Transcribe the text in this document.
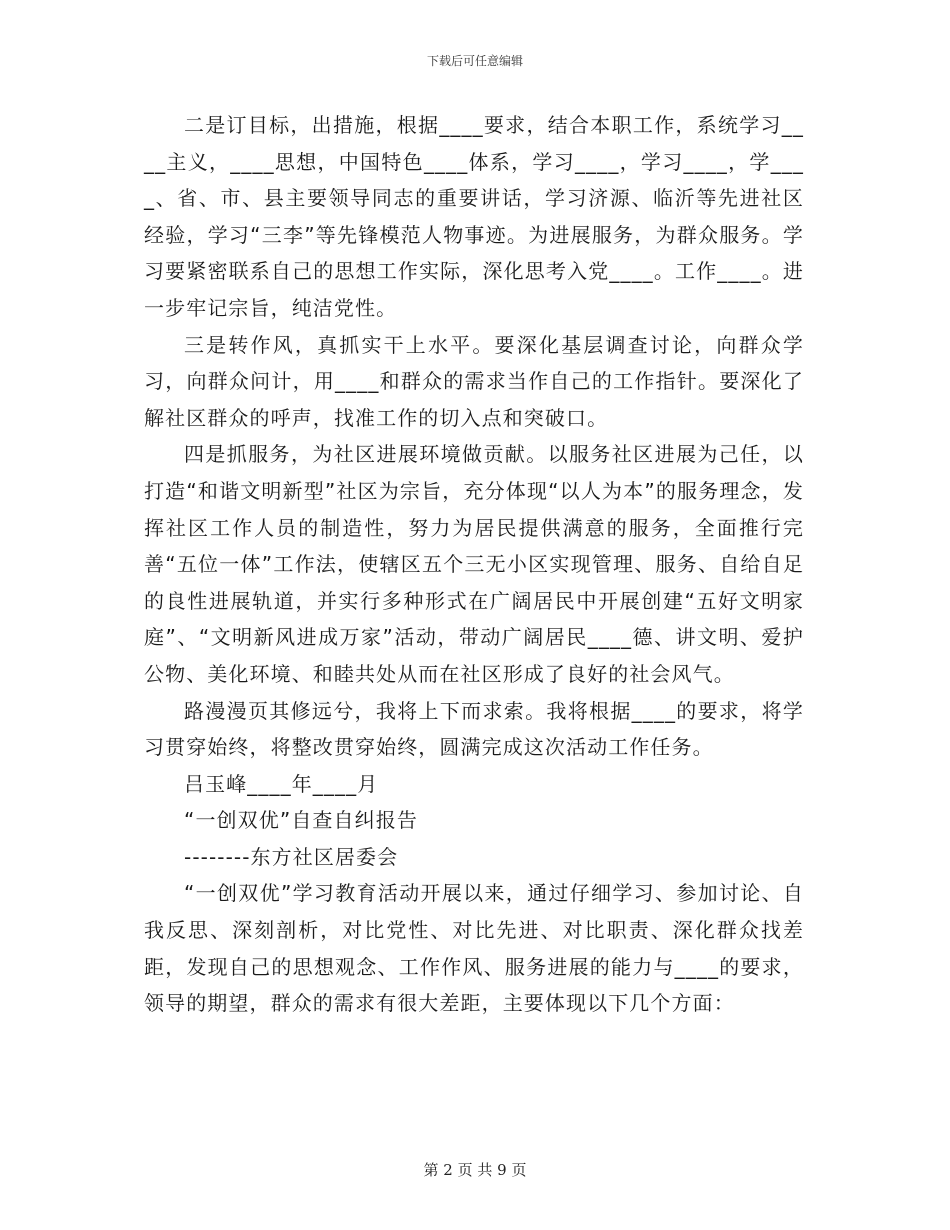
下载后可任意编辑

二是订目标，出措施，根据____要求，结合本职工作，系统学习____主义，____思想，中国特色____体系，学习____，学习____，学____、省、市、县主要领导同志的重要讲话，学习济源、临沂等先进社区经验，学习“三李”等先锋模范人物事迹。为进展服务，为群众服务。学习要紧密联系自己的思想工作实际，深化思考入党____。工作____。进一步牢记宗旨，纯洁党性。

三是转作风，真抓实干上水平。要深化基层调查讨论，向群众学习，向群众问计，用____和群众的需求当作自己的工作指针。要深化了解社区群众的呼声，找准工作的切入点和突破口。

四是抓服务，为社区进展环境做贡献。以服务社区进展为己任，以打造“和谐文明新型”社区为宗旨，充分体现“以人为本”的服务理念，发挥社区工作人员的制造性，努力为居民提供满意的服务，全面推行完善“五位一体”工作法，使辖区五个三无小区实现管理、服务、自给自足的良性进展轨道，并实行多种形式在广阔居民中开展创建“五好文明家庭”、“文明新风进成万家”活动，带动广阔居民____德、讲文明、爱护公物、美化环境、和睦共处从而在社区形成了良好的社会风气。

路漫漫页其修远兮，我将上下而求索。我将根据____的要求，将学习贯穿始终，将整改贯穿始终，圆满完成这次活动工作任务。

吕玉峰____年____月

“一创双优”自查自纠报告

--------东方社区居委会

“一创双优”学习教育活动开展以来，通过仔细学习、参加讨论、自我反思、深刻剖析，对比党性、对比先进、对比职责、深化群众找差距，发现自己的思想观念、工作作风、服务进展的能力与____的要求，领导的期望，群众的需求有很大差距，主要体现以下几个方面：

第 2 页 共 9 页
